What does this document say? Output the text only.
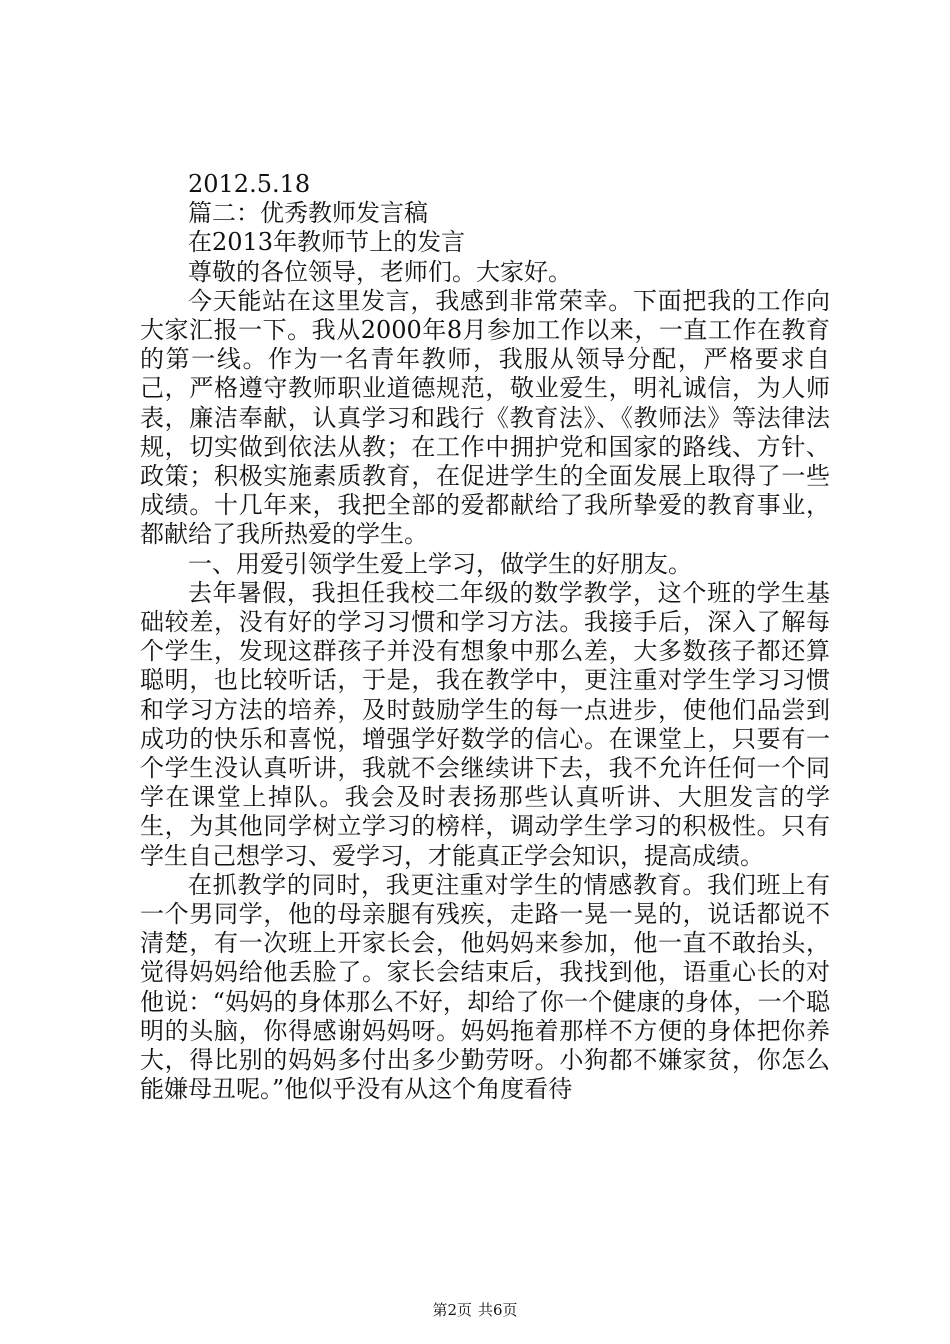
2012.5.18

篇二：优秀教师发言稿

在2013年教师节上的发言

尊敬的各位领导，老师们。大家好。

今天能站在这里发言，我感到非常荣幸。下面把我的工作向大家汇报一下。我从2000年8月参加工作以来，一直工作在教育的第一线。作为一名青年教师，我服从领导分配，严格要求自己，严格遵守教师职业道德规范，敬业爱生，明礼诚信，为人师表，廉洁奉献，认真学习和践行《教育法》、《教师法》等法律法规，切实做到依法从教；在工作中拥护党和国家的路线、方针、政策；积极实施素质教育，在促进学生的全面发展上取得了一些成绩。十几年来，我把全部的爱都献给了我所挚爱的教育事业，都献给了我所热爱的学生。

一、用爱引领学生爱上学习，做学生的好朋友。

去年暑假，我担任我校二年级的数学教学，这个班的学生基础较差，没有好的学习习惯和学习方法。我接手后，深入了解每个学生，发现这群孩子并没有想象中那么差，大多数孩子都还算聪明，也比较听话，于是，我在教学中，更注重对学生学习习惯和学习方法的培养，及时鼓励学生的每一点进步，使他们品尝到成功的快乐和喜悦，增强学好数学的信心。在课堂上，只要有一个学生没认真听讲，我就不会继续讲下去，我不允许任何一个同学在课堂上掉队。我会及时表扬那些认真听讲、大胆发言的学生，为其他同学树立学习的榜样，调动学生学习的积极性。只有学生自己想学习、爱学习，才能真正学会知识，提高成绩。

在抓教学的同时，我更注重对学生的情感教育。我们班上有一个男同学，他的母亲腿有残疾，走路一晃一晃的，说话都说不清楚，有一次班上开家长会，他妈妈来参加，他一直不敢抬头，觉得妈妈给他丢脸了。家长会结束后，我找到他，语重心长的对他说：“妈妈的身体那么不好，却给了你一个健康的身体，一个聪明的头脑，你得感谢妈妈呀。妈妈拖着那样不方便的身体把你养大，得比别的妈妈多付出多少勤劳呀。小狗都不嫌家贫，你怎么能嫌母丑呢。”他似乎没有从这个角度看待

第2页 共6页
